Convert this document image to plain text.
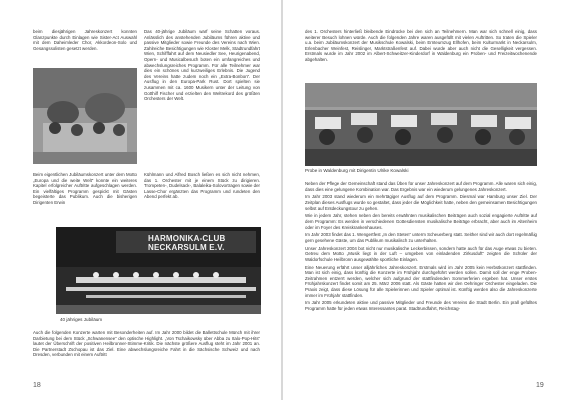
beim diesjährigen Jahreskonzert konnten Glanzpunkte durch Einlagen wie Sister-Act Auswahl mit dem Daheimleder Chor, Akkordeon-Solo und Gesangssolisten gesetzt werden.
Das 40-jährige Jubiläum warf seine Schatten voraus. Anlässlich des anstehenden Jubiläums führen aktive und passive Mitglieder sowie Freunde des Vereins nach Wien. Zahlreiche Besichtigungen wie Kloster Melk, Stadtrundfahrt Wien, Schifffahrt auf dem Neusiedler See, Heurigenabend, Opern- und Musicalbesuch boten ein umfangreiches und abwechslungsreiches Programm. Für alle Teilnehmer war dies ein schönes und kurzweiliges Erlebnis. Die Jugend des Vereins hatte zudem noch ein „Extra-Bonbon“. Der Ausflug in den Europa-Park Rust. Dort spielten sie zusammen mit ca. 1600 Musikern unter der Leitung von Gotthilf Fischer und erzielten den Weltrekord des größten Orchesters der Welt.
Beim eigentlichen Jubiläumskonzert unter dem Motto „Europa und die weite Welt“ konnte ein weiteres Kapitel erfolgreicher Auftritte aufgeschlagen werden. Ein vielfältiges Programm gespickt mit Gästen begeisterte das Publikum. Auch die bisherigen Dirigenten Erwin
Kühlmann und Alfred Bosch ließen es sich nicht nehmen, das 1. Orchester mit je einem Stück zu dirigieren. Trompeten-, Dudelsack-, Balaleika-Solovortragen sowie der Lasse-Chor ergänzten das Programm und rundeten den Abend perfekt ab.
HARMONIKA-CLUB NECKARSULM E.V.
40 jähriges Jubiläum
Auch die folgenden Konzerte warten mit Besonderheiten auf. Im Jahr 2000 bildet die Ballettschule Münch mit ihrer Darbietung bei dem Stück „Schwanensee“ den optische Highlight. „Von Tschaikowsky über Abba zu Italo-Pop-Hits“ lautet der Überschrift der positiven Heilbronner-Stimme-Kritik. Die nächste größere Ausflug steht im Jahr 2001 an. Die Partnerstadt Zschopau ist das Ziel. Eine abwechslungsreiche Fahrt in die Sächsische Schweiz und nach Dresden, verbunden mit einem Auftritt
18
des 1. Orchesters hinterließ bleibende Eindrücke bei den sich an Teilnehmern. Man war sich schnell einig, dass weiterer Besuch lohnen würde. Auch die folgenden Jahre waren ausgefüllt mit vielen Auftritten. So traten die Spieler u.a. beim Jubiläumskonzert der Musikschule Kowalski, beim Ernteumzug Ellhofen, beim Kulturmarkt in Neckarsulm, Erlenbacher Weinfest, Reislinger, Marktstraßenfest auf. Dabei wurde aber auch nicht die Geselligkeit vergessen. Erstmals wurde im Jahr 2002 im Albert-Schweitzer-Kinderdorf in Waldenburg ein Proben- und Freizeitwochenende abgehalten.
Probe in Waldenburg mit Dirigentin Ulrike Kowalski

Neben der Pflege der Gemeinschaft stand das Üben für unser Jahreskonzert auf dem Programm. Alle waren sich einig, dass dies eine gelungene Kombination war. Das Ergebnis war ein wiederum gelungenes Jahreskonzert.

Im Jahr 2003 stand wiederum ein mehrtägiger Ausflug auf dem Programm. Diesmal war Hamburg unser Ziel. Der Zeitplan dieses Ausflugs wurde so gestaltet, dass jeder die Möglichkeit hatte, neben den gemeinsamen Besichtigungen selbst auf Entdeckungstour zu gehen.

Wie in jedem Jahr, stehen neben den bereits erwähnten musikalischen Beiträgen auch sozial engagierte Auftritte auf dem Programm: Es werden in verschiedenen Gottesdiensten musikalische Beiträge erbracht, aber auch im Altenheim oder im Foyer des Kreiskrankenhauses.

Im Jahr 2003 findet das 1. Wengertfest „In den Steten“ unterm Scheuerberg statt. Seither sind wir auch dort regelmäßig gern gesehene Gäste, um das Publikum musikalisch zu unterhalten.

Unser Jahreskonzert 2004 bot nicht nur musikalische Leckerbissen, sondern hatte auch für das Auge etwas zu bieten. Getreu dem Motto „Musik liegt in der Luft – umgeben von einladenden Zirkusduft“ zeigten die Schüler der Waldorfschule Heilbronn ausgewählte sportliche Einlagen.

Eine Neuerung erfährt unser alljährliches Jahreskonzert. Erstmals wird im Jahr 2005 kein Herbstkonzert stattfinden. Man ist sich einig, dass künftig die Konzerte im Frühjahr durchgeführt werden sollen. Damit soll der enge Proben-Zeitrahmen entzerrt werden, welcher sich aufgrund der stattfindenden Sommerferien ergeben hat. Unser erstes Frühjahrskonzert findet somit am 25. März 2006 statt. Als Gäste hatten wir den Oehringer Orchester eingeladen. Die Praxis zeigt, dass diese Lösung für alle Spielerinnen und Spieler optimal ist. Künftig werden also die Jahreskonzerte immer im Frühjahr stattfinden.

Im Jahr 2005 erkundeten aktive und passive Mitglieder und Freunde des Vereins die Stadt Berlin. Ein prall gefülltes Programm hatte für jeden etwas Interessantes parat. Stadtrundfahrt, Reichstag-

19
